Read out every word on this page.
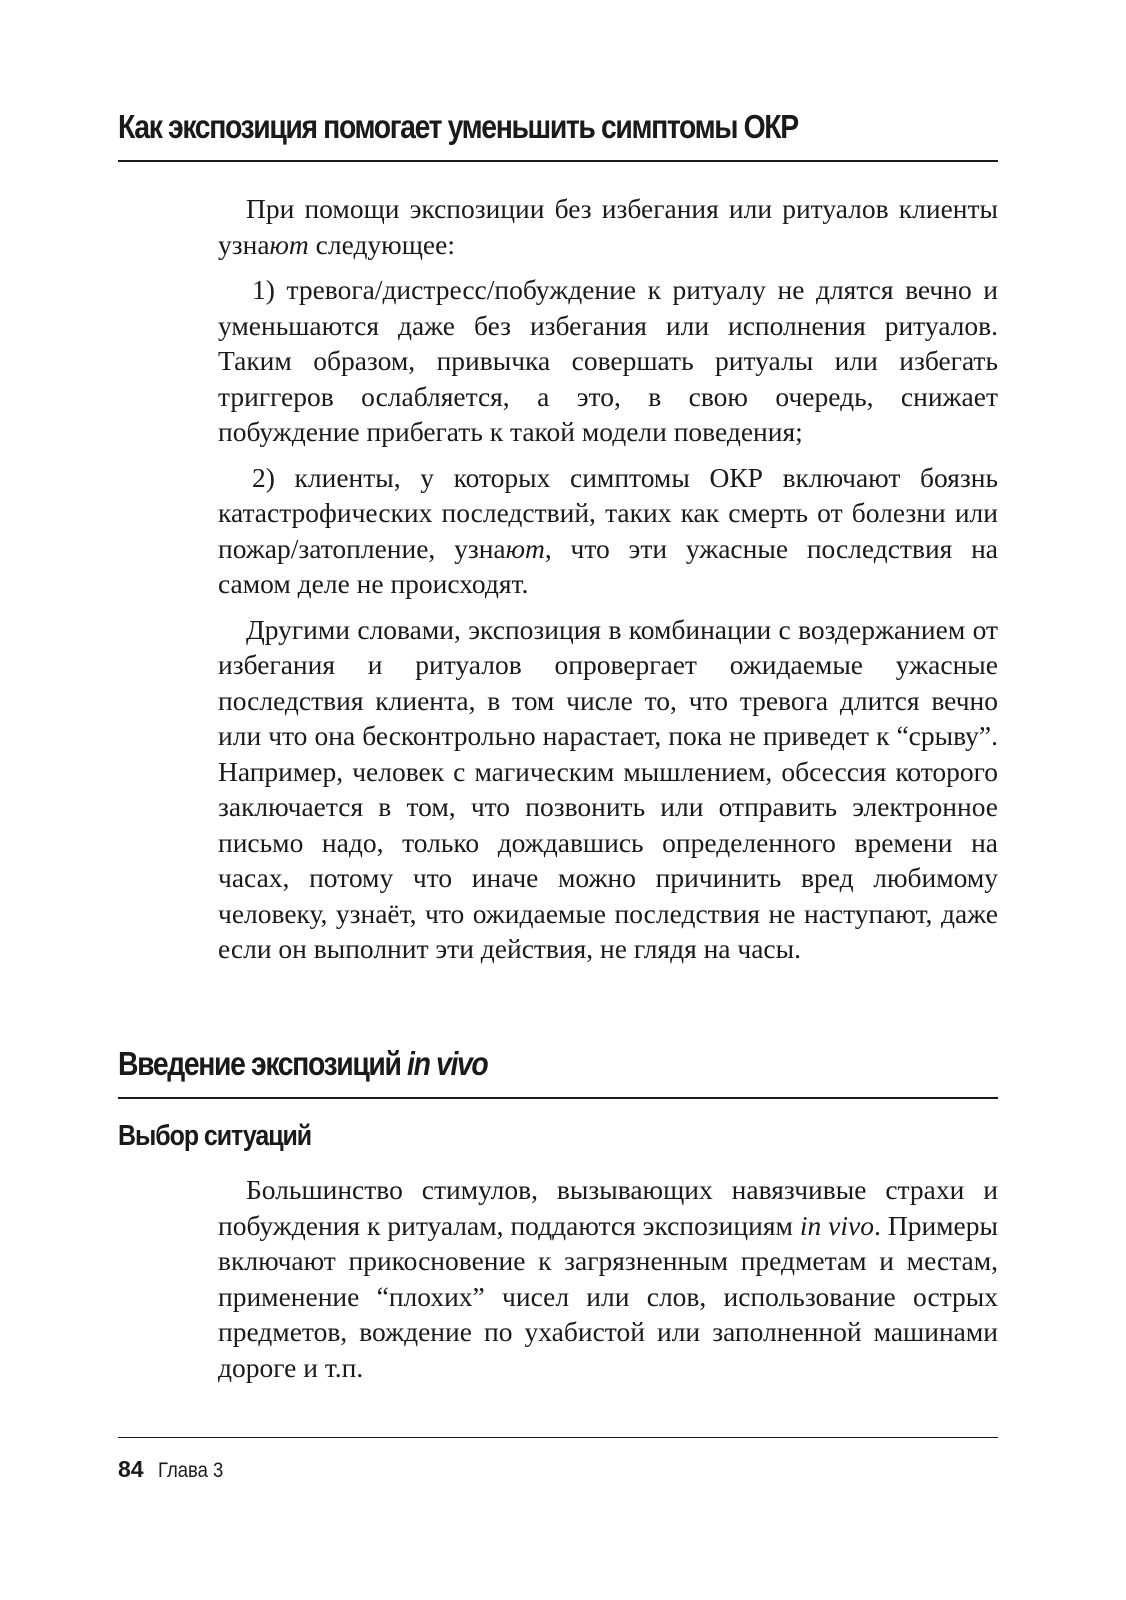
Как экспозиция помогает уменьшить симптомы ОКР

При помощи экспозиции без избегания или ритуалов клиенты узнают следующее:

1) тревога/дистресс/побуждение к ритуалу не длятся вечно и уменьшаются даже без избегания или исполнения ритуалов. Таким образом, привычка совершать ритуалы или избегать триггеров ослабляется, а это, в свою очередь, снижает побуждение прибегать к такой модели поведения;

2) клиенты, у которых симптомы ОКР включают боязнь катастрофических последствий, таких как смерть от болезни или пожар/затопление, узнают, что эти ужасные последствия на самом деле не происходят.

Другими словами, экспозиция в комбинации с воздержанием от избегания и ритуалов опровергает ожидаемые ужасные последствия клиента, в том числе то, что тревога длится вечно или что она бесконтрольно нарастает, пока не приведет к “срыву”. Например, человек с магическим мышлением, обсессия которого заключается в том, что позвонить или отправить электронное письмо надо, только дождавшись определенного времени на часах, потому что иначе можно причинить вред любимому человеку, узнаёт, что ожидаемые последствия не наступают, даже если он выполнит эти действия, не глядя на часы.

Введение экспозиций in vivo
Выбор ситуаций

Большинство стимулов, вызывающих навязчивые страхи и побуждения к ритуалам, поддаются экспозициям in vivo. Примеры включают прикосновение к загрязненным предметам и местам, применение “плохих” чисел или слов, использование острых предметов, вождение по ухабистой или заполненной машинами дороге и т.п.

84 Глава 3
